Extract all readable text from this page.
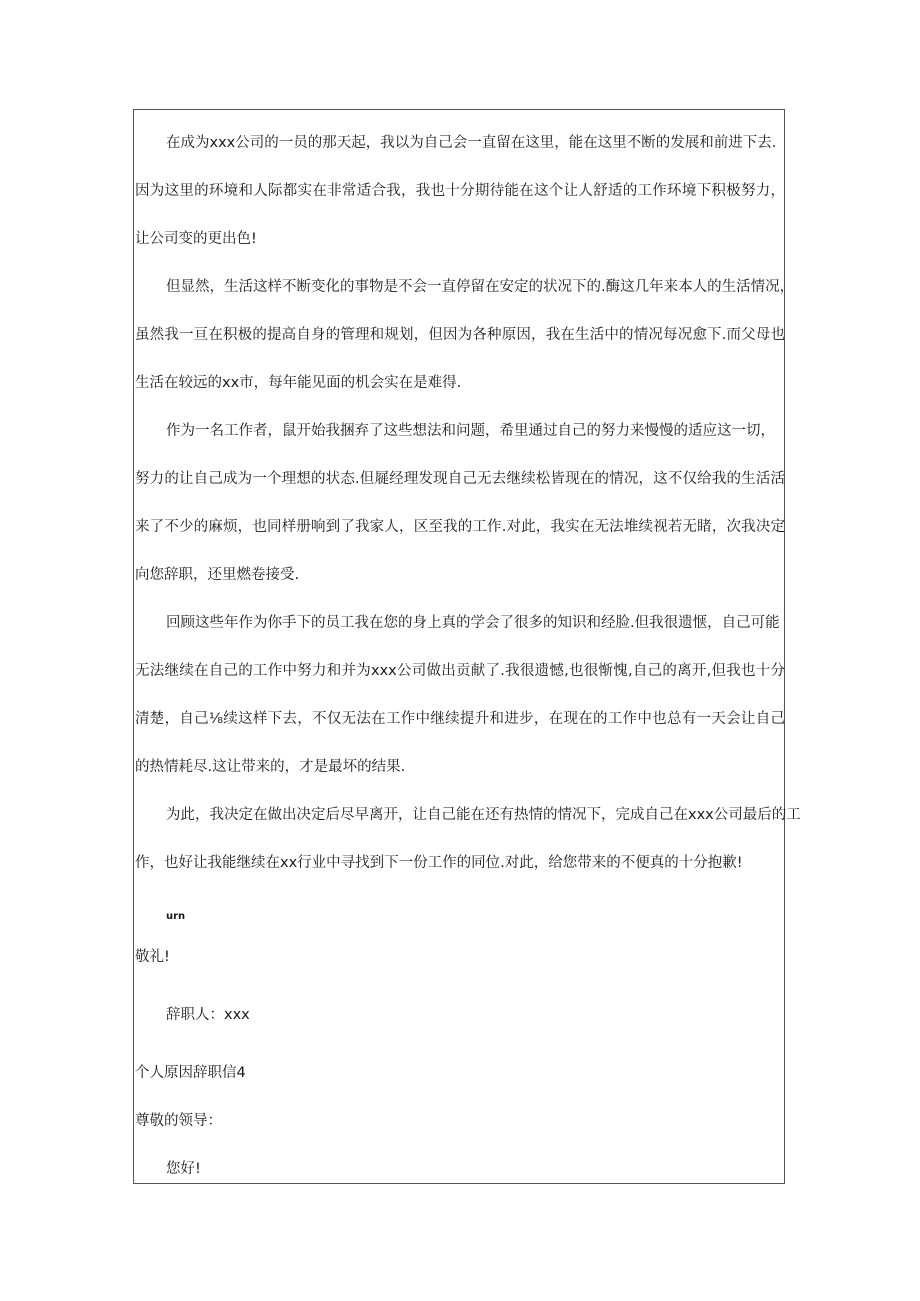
在成为xxx公司的一员的那天起，我以为自己会一直留在这里，能在这里不断的发展和前进下去.
因为这里的环境和人际都实在非常适合我，我也十分期待能在这个让人舒适的工作环境下积极努力，
让公司变的更出色!
但显然，生活这样不断变化的事物是不会一直停留在安定的状况下的.酶这几年来本人的生活情况，
虽然我一亘在积极的提高自身的管理和规划，但因为各种原因，我在生活中的情况每况愈下.而父母也
生活在较远的xx市，每年能见面的机会实在是难得.
作为一名工作者，鼠开始我捆弃了这些想法和问题，希里通过自己的努力来慢慢的适应这一切，
努力的让自己成为一个理想的状态.但屣经理发现自己无去继续松皆现在的情况，这不仅给我的生活活
来了不少的麻烦，也同样册响到了我家人，区至我的工作.对此，我实在无法堆续视若无睹，次我决定
向您辞职，还里燃卷接受.
回顾这些年作为你手下的员工我在您的身上真的学会了很多的知识和经脸.但我很遗惬，自己可能
无法继续在自己的工作中努力和并为xxx公司做出贡献了.我很遗憾,也很惭愧,自己的离开,但我也十分
清楚，自己⅛续这样下去，不仅无法在工作中继续提升和进步，在现在的工作中也总有一天会让自己
的热情耗尽.这让带来的，才是最坏的结果.
为此，我决定在做出决定后尽早离开，让自己能在还有热情的情况下，完成自己在xxx公司最后的工
作，也好让我能继续在xx行业中寻找到下一份工作的同位.对此，给您带来的不便真的十分抱歉!
urn
敬礼!
辞职人：xxx
个人原因辞职信4
尊敬的领导：
您好!
